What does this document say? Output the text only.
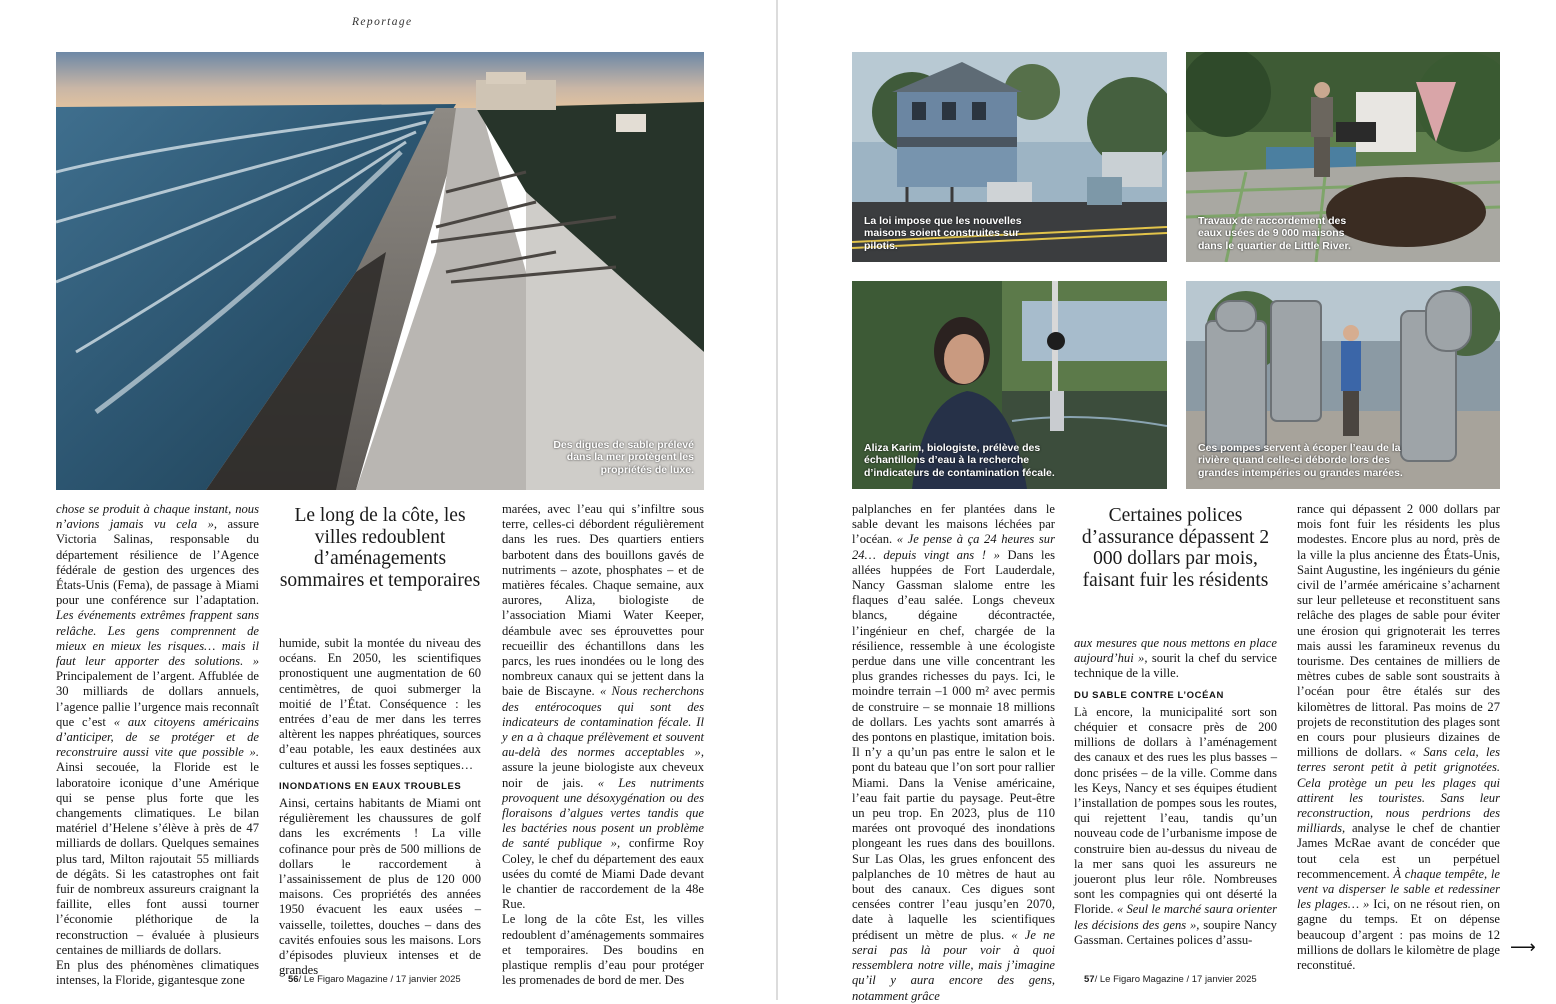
Reportage
Des digues de sable prélevé dans la mer protègent les propriétés de luxe.

chose se produit à chaque instant, nous n’avions jamais vu cela », assure Victoria Salinas, responsable du département résilience de l’Agence fédérale de gestion des urgences des États-Unis (Fema), de passage à Miami pour une conférence sur l’adaptation. Les événements extrêmes frappent sans relâche. Les gens comprennent de mieux en mieux les risques… mais il faut leur apporter des solutions. » Principalement de l’argent. Affublée de 30 milliards de dollars annuels, l’agence pallie l’urgence mais reconnaît que c’est « aux citoyens américains d’anticiper, de se protéger et de reconstruire aussi vite que possible ». Ainsi secouée, la Floride est le laboratoire iconique d’une Amérique qui se pense plus forte que les changements climatiques. Le bilan matériel d’Helene s’élève à près de 47 milliards de dollars. Quelques semaines plus tard, Milton rajoutait 55 milliards de dégâts. Si les catastrophes ont fait fuir de nombreux assureurs craignant la faillite, elles font aussi tourner l’économie pléthorique de la reconstruction – évaluée à plusieurs centaines de milliards de dollars.

En plus des phénomènes climatiques intenses, la Floride, gigantesque zone

Le long de la côte, les villes redoublent d’aménagements sommaires et temporaires

humide, subit la montée du niveau des océans. En 2050, les scientifiques pronostiquent une augmentation de 60 centimètres, de quoi submerger la moitié de l’État. Conséquence : les entrées d’eau de mer dans les terres altèrent les nappes phréatiques, sources d’eau potable, les eaux destinées aux cultures et aussi les fosses septiques…

INONDATIONS EN EAUX TROUBLES

Ainsi, certains habitants de Miami ont régulièrement les chaussures de golf dans les excréments ! La ville cofinance pour près de 500 millions de dollars le raccordement à l’assainissement de plus de 120 000 maisons. Ces propriétés des années 1950 évacuent les eaux usées – vaisselle, toilettes, douches – dans des cavités enfouies sous les maisons. Lors d’épisodes pluvieux intenses et de grandes

marées, avec l’eau qui s’infiltre sous terre, celles-ci débordent régulièrement dans les rues. Des quartiers entiers barbotent dans des bouillons gavés de nutriments – azote, phosphates – et de matières fécales. Chaque semaine, aux aurores, Aliza, biologiste de l’association Miami Water Keeper, déambule avec ses éprouvettes pour recueillir des échantillons dans les parcs, les rues inondées ou le long des nombreux canaux qui se jettent dans la baie de Biscayne. « Nous recherchons des entérocoques qui sont des indicateurs de contamination fécale. Il y en a à chaque prélèvement et souvent au-delà des normes acceptables », assure la jeune biologiste aux cheveux noir de jais. « Les nutriments provoquent une désoxygénation ou des floraisons d’algues vertes tandis que les bactéries nous posent un problème de santé publique », confirme Roy Coley, le chef du département des eaux usées du comté de Miami Dade devant le chantier de raccordement de la 48e Rue.

Le long de la côte Est, les villes redoublent d’aménagements sommaires et temporaires. Des boudins en plastique remplis d’eau pour protéger les promenades de bord de mer. Des

56/ Le Figaro Magazine / 17 janvier 2025
La loi impose que les nouvelles maisons soient construites sur pilotis.
Travaux de raccordement des eaux usées de 9 000 maisons dans le quartier de Little River.
Aliza Karim, biologiste, prélève des échantillons d’eau à la recherche d’indicateurs de contamination fécale.
Ces pompes servent à écoper l’eau de la rivière quand celle-ci déborde lors des grandes intempéries ou grandes marées.

palplanches en fer plantées dans le sable devant les maisons léchées par l’océan. « Je pense à ça 24 heures sur 24… depuis vingt ans ! » Dans les allées huppées de Fort Lauderdale, Nancy Gassman slalome entre les flaques d’eau salée. Longs cheveux blancs, dégaine décontractée, l’ingénieur en chef, chargée de la résilience, ressemble à une écologiste perdue dans une ville concentrant les plus grandes richesses du pays. Ici, le moindre terrain –1 000 m² avec permis de construire – se monnaie 18 millions de dollars. Les yachts sont amarrés à des pontons en plastique, imitation bois. Il n’y a qu’un pas entre le salon et le pont du bateau que l’on sort pour rallier Miami. Dans la Venise américaine, l’eau fait partie du paysage. Peut-être un peu trop. En 2023, plus de 110 marées ont provoqué des inondations plongeant les rues dans des bouillons. Sur Las Olas, les grues enfoncent des palplanches de 10 mètres de haut au bout des canaux. Ces digues sont censées contrer l’eau jusqu’en 2070, date à laquelle les scientifiques prédisent un mètre de plus. « Je ne serai pas là pour voir à quoi ressemblera notre ville, mais j’imagine qu’il y aura encore des gens, notamment grâce

Certaines polices d’assurance dépassent 2 000 dollars par mois, faisant fuir les résidents

aux mesures que nous mettons en place aujourd’hui », sourit la chef du service technique de la ville.

DU SABLE CONTRE L’OCÉAN

Là encore, la municipalité sort son chéquier et consacre près de 200 millions de dollars à l’aménagement des canaux et des rues les plus basses – donc prisées – de la ville. Comme dans les Keys, Nancy et ses équipes étudient l’installation de pompes sous les routes, qui rejettent l’eau, tandis qu’un nouveau code de l’urbanisme impose de construire bien au-dessus du niveau de la mer sans quoi les assureurs ne joueront plus leur rôle. Nombreuses sont les compagnies qui ont déserté la Floride. « Seul le marché saura orienter les décisions des gens », soupire Nancy Gassman. Certaines polices d’assu-

rance qui dépassent 2 000 dollars par mois font fuir les résidents les plus modestes. Encore plus au nord, près de la ville la plus ancienne des États-Unis, Saint Augustine, les ingénieurs du génie civil de l’armée américaine s’acharnent sur leur pelleteuse et reconstituent sans relâche des plages de sable pour éviter une érosion qui grignoterait les terres mais aussi les faramineux revenus du tourisme. Des centaines de milliers de mètres cubes de sable sont soustraits à l’océan pour être étalés sur des kilomètres de littoral. Pas moins de 27 projets de reconstitution des plages sont en cours pour plusieurs dizaines de millions de dollars. « Sans cela, les terres seront petit à petit grignotées. Cela protège un peu les plages qui attirent les touristes. Sans leur reconstruction, nous perdrions des milliards, analyse le chef de chantier James McRae avant de concéder que tout cela est un perpétuel recommencement. À chaque tempête, le vent va disperser le sable et redessiner les plages… » Ici, on ne résout rien, on gagne du temps. Et on dépense beaucoup d’argent : pas moins de 12 millions de dollars le kilomètre de plage reconstitué.

⟶
57/ Le Figaro Magazine / 17 janvier 2025
